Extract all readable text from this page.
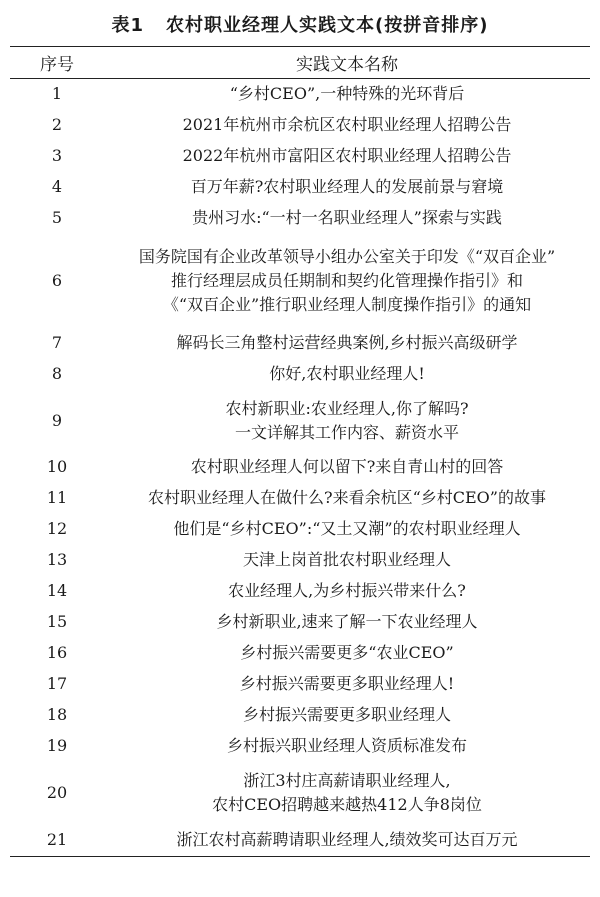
表1 农村职业经理人实践文本(按拼音排序)
序号	实践文本名称
1	“乡村CEO”,一种特殊的光环背后

2	2021年杭州市余杭区农村职业经理人招聘公告

3	2022年杭州市富阳区农村职业经理人招聘公告

4	百万年薪?农村职业经理人的发展前景与窘境

5	贵州习水:“一村一名职业经理人”探索与实践

6	国务院国有企业改革领导小组办公室关于印发《“双百企业”
推行经理层成员任期制和契约化管理操作指引》和
《“双百企业”推行职业经理人制度操作指引》的通知

7	解码长三角整村运营经典案例,乡村振兴高级研学

8	你好,农村职业经理人!

9	农村新职业:农业经理人,你了解吗?
一文详解其工作内容、薪资水平

10	农村职业经理人何以留下?来自青山村的回答

11	农村职业经理人在做什么?来看余杭区“乡村CEO”的故事

12	他们是“乡村CEO”:“又土又潮”的农村职业经理人

13	天津上岗首批农村职业经理人

14	农业经理人,为乡村振兴带来什么?

15	乡村新职业,速来了解一下农业经理人

16	乡村振兴需要更多“农业CEO”

17	乡村振兴需要更多职业经理人!

18	乡村振兴需要更多职业经理人

19	乡村振兴职业经理人资质标准发布

20	浙江3村庄高薪请职业经理人,
农村CEO招聘越来越热412人争8岗位

21	浙江农村高薪聘请职业经理人,绩效奖可达百万元
